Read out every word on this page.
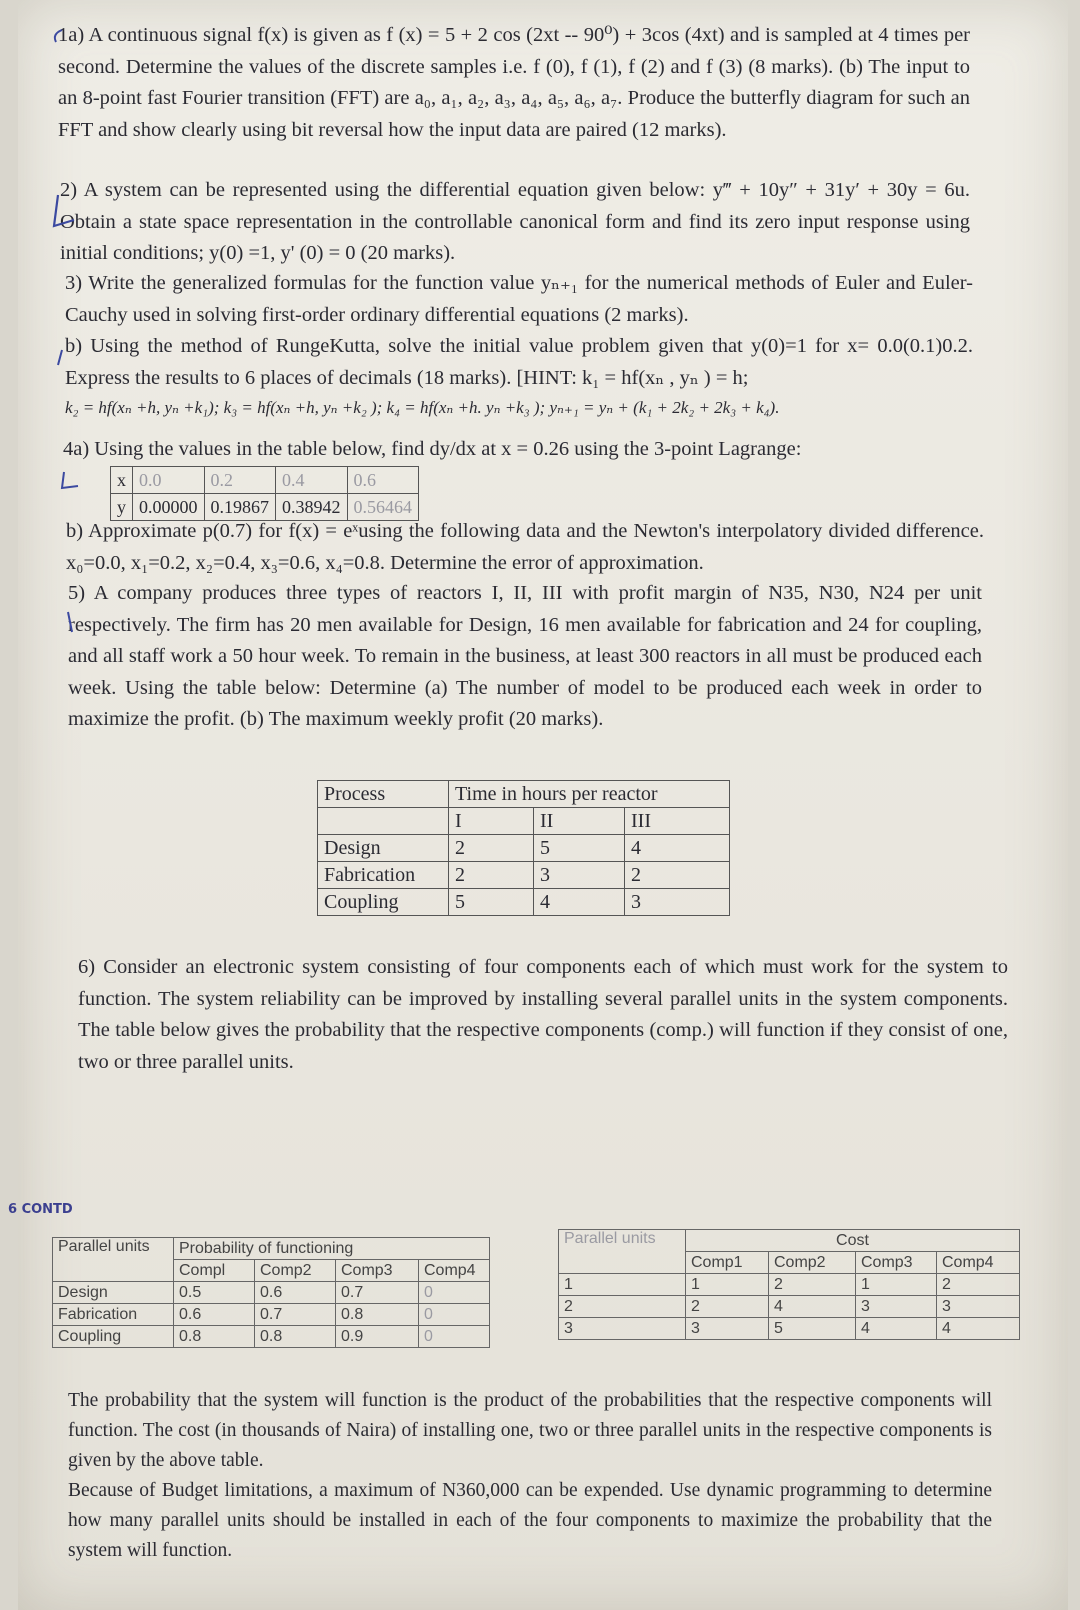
1a) A continuous signal f(x) is given as f (x) = 5 + 2 cos (2xt -- 90⁰) + 3cos (4xt) and is sampled at 4 times per second. Determine the values of the discrete samples i.e. f (0), f (1), f (2) and f (3) (8 marks). (b) The input to an 8-point fast Fourier transition (FFT) are a₀, a₁, a₂, a₃, a₄, a₅, a₆, a₇. Produce the butterfly diagram for such an FFT and show clearly using bit reversal how the input data are paired (12 marks).

2) A system can be represented using the differential equation given below: y‴ + 10y″ + 31y′ + 30y = 6u. Obtain a state space representation in the controllable canonical form and find its zero input response using initial conditions; y(0) =1, y' (0) = 0 (20 marks).

3) Write the generalized formulas for the function value yₙ₊₁ for the numerical methods of Euler and Euler-Cauchy used in solving first-order ordinary differential equations (2 marks).

b) Using the method of RungeKutta, solve the initial value problem given that y(0)=1 for x= 0.0(0.1)0.2. Express the results to 6 places of decimals (18 marks). [HINT: k₁ = hf(xₙ , yₙ ) = h;

k₂ = hf(xₙ +h, yₙ +k₁); k₃ = hf(xₙ +h, yₙ +k₂ ); k₄ = hf(xₙ +h. yₙ +k₃ ); yₙ₊₁ = yₙ + (k₁ + 2k₂ + 2k₃ + k₄).

4a) Using the values in the table below, find dy/dx at x = 0.26 using the 3-point Lagrange:

x	0.0	0.2	0.4	0.6
y	0.00000	0.19867	0.38942	0.56464

b) Approximate p(0.7) for f(x) = eˣusing the following data and the Newton's interpolatory divided difference. x₀=0.0, x₁=0.2, x₂=0.4, x₃=0.6, x₄=0.8. Determine the error of approximation.

5) A company produces three types of reactors I, II, III with profit margin of N35, N30, N24 per unit respectively. The firm has 20 men available for Design, 16 men available for fabrication and 24 for coupling, and all staff work a 50 hour week. To remain in the business, at least 300 reactors in all must be produced each week. Using the table below: Determine (a) The number of model to be produced each week in order to maximize the profit. (b) The maximum weekly profit (20 marks).

Process	Time in hours per reactor		
	I	II	III
Design	2	5	4
Fabrication	2	3	2
Coupling	5	4	3

6) Consider an electronic system consisting of four components each of which must work for the system to function. The system reliability can be improved by installing several parallel units in the system components. The table below gives the probability that the respective components (comp.) will function if they consist of one, two or three parallel units.

6 CONTD
Parallel units	Probability of functioning			
	Compl	Comp2	Comp3	Comp4
Design	0.5	0.6	0.7	0
Fabrication	0.6	0.7	0.8	0
Coupling	0.8	0.8	0.9	0
Parallel units	Cost			
	Comp1	Comp2	Comp3	Comp4
1	1	2	1	2
2	2	4	3	3
3	3	5	4	4

The probability that the system will function is the product of the probabilities that the respective components will function. The cost (in thousands of Naira) of installing one, two or three parallel units in the respective components is given by the above table.

Because of Budget limitations, a maximum of N360,000 can be expended. Use dynamic programming to determine how many parallel units should be installed in each of the four components to maximize the probability that the system will function.
